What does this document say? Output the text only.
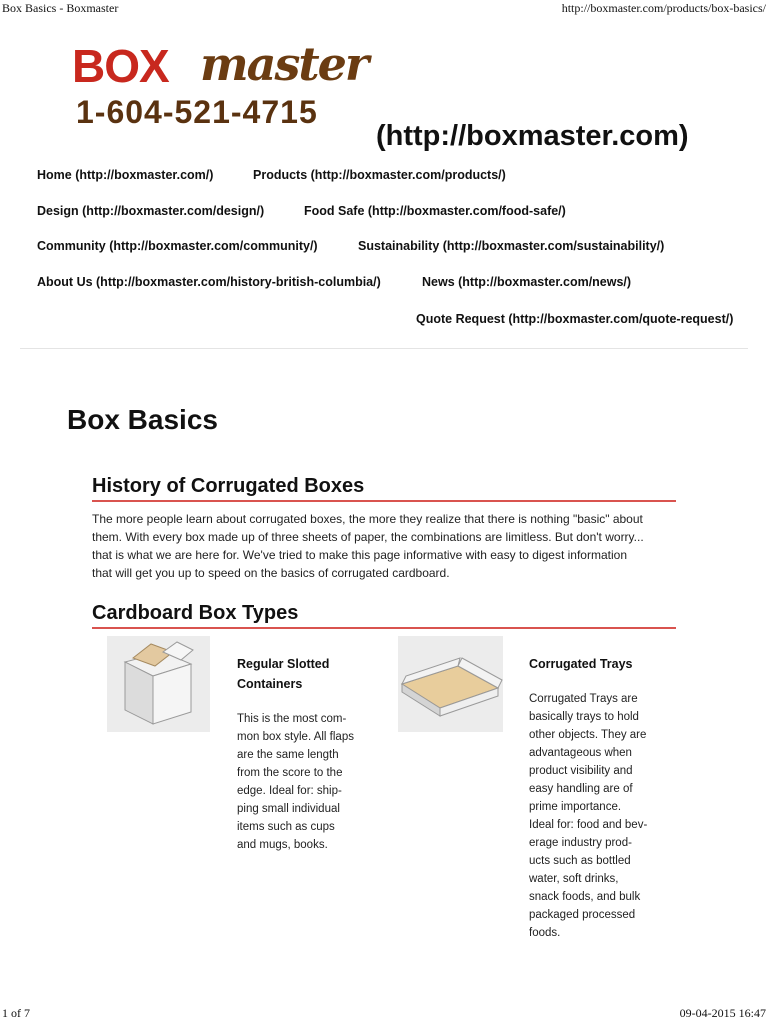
Box Basics - Boxmaster	http://boxmaster.com/products/box-basics/
BOX master
1-604-521-4715
(http://boxmaster.com)
Home (http://boxmaster.com/)	Products (http://boxmaster.com/products/)
Design (http://boxmaster.com/design/)	Food Safe (http://boxmaster.com/food-safe/)
Community (http://boxmaster.com/community/)	Sustainability (http://boxmaster.com/sustainability/)
About Us (http://boxmaster.com/history-british-columbia/)	News (http://boxmaster.com/news/)
Quote Request (http://boxmaster.com/quote-request/)
Box Basics
History of Corrugated Boxes
The more people learn about corrugated boxes, the more they realize that there is nothing "basic" about
them. With every box made up of three sheets of paper, the combinations are limitless. But don't worry...
that is what we are here for. We've tried to make this page informative with easy to digest information
that will get you up to speed on the basics of corrugated cardboard.
Cardboard Box Types
Regular Slotted
Containers
This is the most com-
mon box style. All flaps
are the same length
from the score to the
edge. Ideal for: ship-
ping small individual
items such as cups
and mugs, books.
Corrugated Trays
Corrugated Trays are
basically trays to hold
other objects. They are
advantageous when
product visibility and
easy handling are of
prime importance.
Ideal for: food and bev-
erage industry prod-
ucts such as bottled
water, soft drinks,
snack foods, and bulk
packaged processed
foods.
1 of 7	09-04-2015 16:47
